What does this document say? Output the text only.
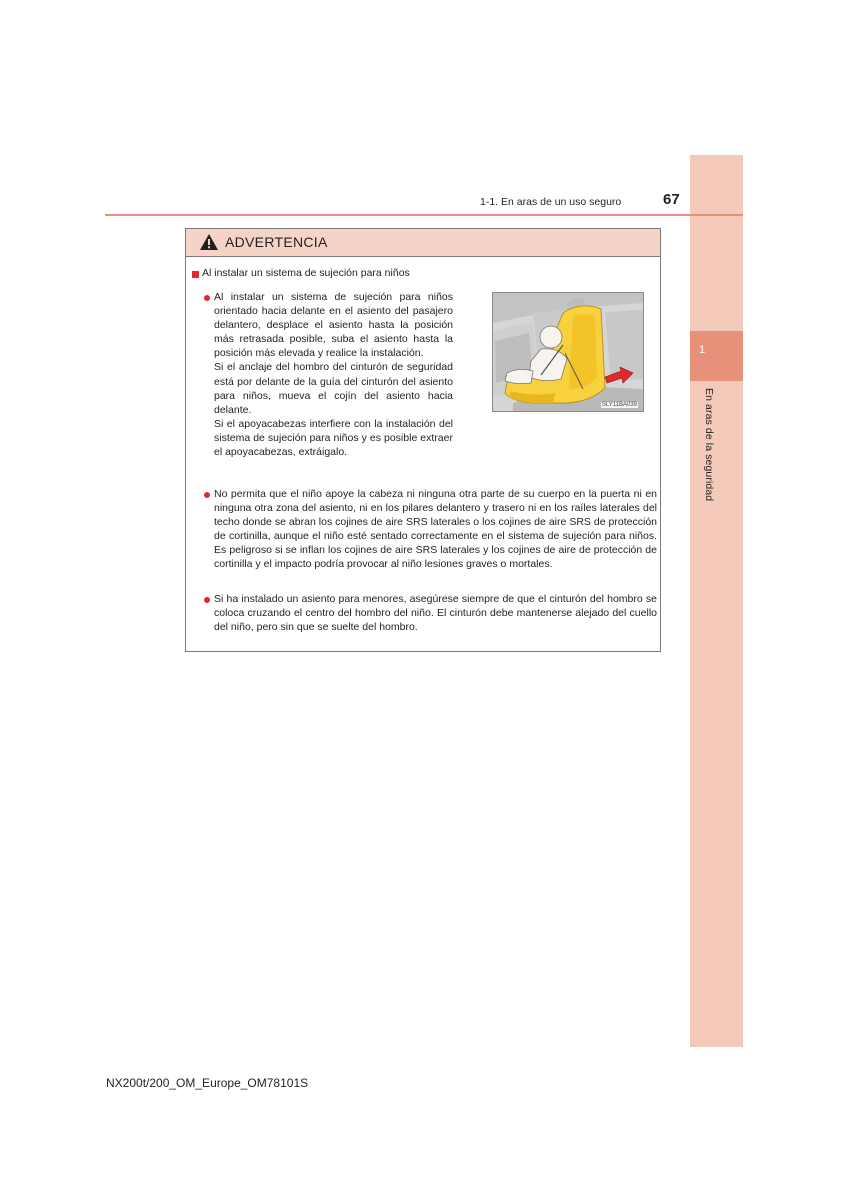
1
En aras de la seguridad
1-1. En aras de un uso seguro	67
ADVERTENCIA
Al instalar un sistema de sujeción para niños

Al instalar un sistema de sujeción para niños orientado hacia delante en el asiento del pasajero delantero, desplace el asiento hasta la posición más retrasada posible, suba el asiento hasta la posición más elevada y realice la instalación.

Si el anclaje del hombro del cinturón de seguridad está por delante de la guía del cinturón del asiento para niños, mueva el cojín del asiento hacia delante.

Si el apoyacabezas interfiere con la instalación del sistema de sujeción para niños y es posible extraer el apoyacabezas, extráigalo.

SLY11BA039
No permita que el niño apoye la cabeza ni ninguna otra parte de su cuerpo en la puerta ni en ninguna otra zona del asiento, ni en los pilares delantero y trasero ni en los raíles laterales del techo donde se abran los cojines de aire SRS laterales o los cojines de aire SRS de protección de cortinilla, aunque el niño esté sentado correctamente en el sistema de sujeción para niños. Es peligroso si se inflan los cojines de aire SRS laterales y los cojines de aire de protección de cortinilla y el impacto podría provocar al niño lesiones graves o mortales.
Si ha instalado un asiento para menores, asegúrese siempre de que el cinturón del hombro se coloca cruzando el centro del hombro del niño. El cinturón debe mantenerse alejado del cuello del niño, pero sin que se suelte del hombro.
NX200t/200_OM_Europe_OM78101S
